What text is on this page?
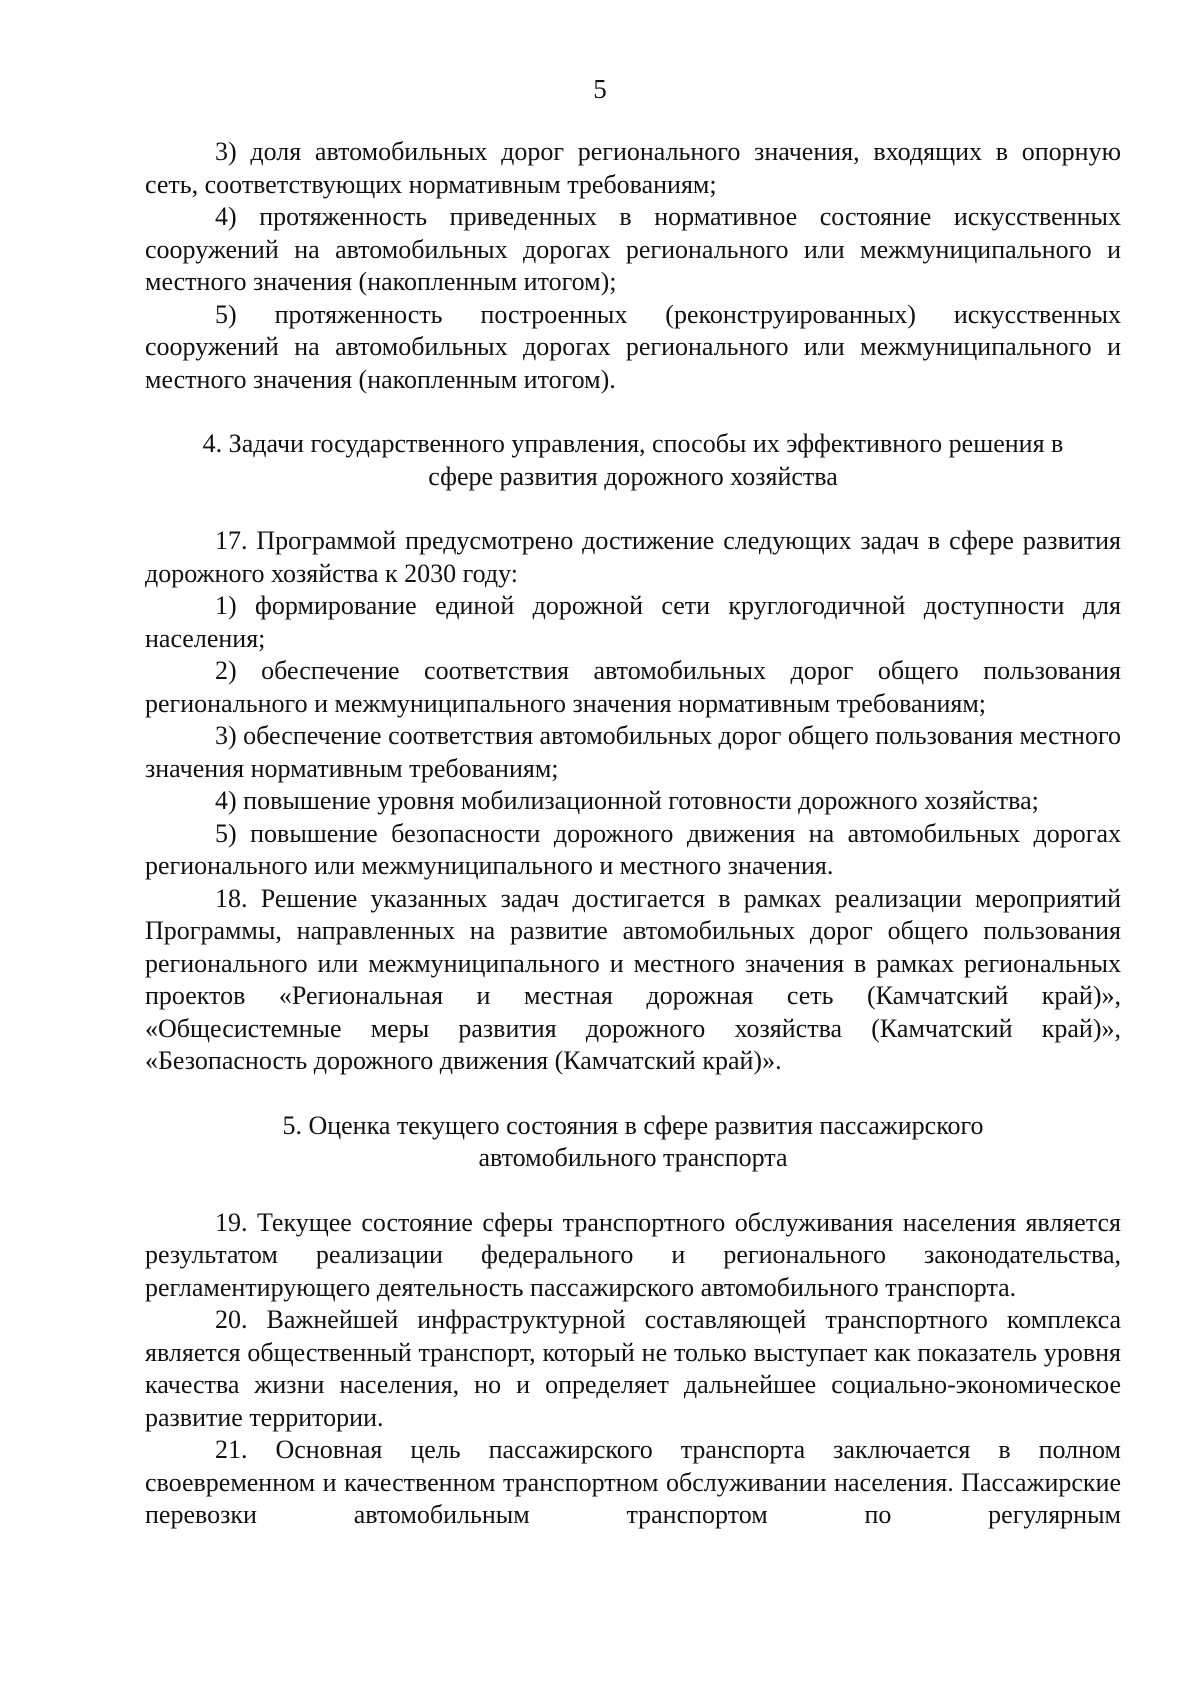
5

3) доля автомобильных дорог регионального значения, входящих в опорную сеть, соответствующих нормативным требованиям;

4) протяженность приведенных в нормативное состояние искусственных сооружений на автомобильных дорогах регионального или межмуниципального и местного значения (накопленным итогом);

5) протяженность построенных (реконструированных) искусственных сооружений на автомобильных дорогах регионального или межмуниципального и местного значения (накопленным итогом).

4. Задачи государственного управления, способы их эффективного решения в
сфере развития дорожного хозяйства

17. Программой предусмотрено достижение следующих задач в сфере развития дорожного хозяйства к 2030 году:

1) формирование единой дорожной сети круглогодичной доступности для населения;

2) обеспечение соответствия автомобильных дорог общего пользования регионального и межмуниципального значения нормативным требованиям;

3) обеспечение соответствия автомобильных дорог общего пользования местного значения нормативным требованиям;

4) повышение уровня мобилизационной готовности дорожного хозяйства;

5) повышение безопасности дорожного движения на автомобильных дорогах регионального или межмуниципального и местного значения.

18. Решение указанных задач достигается в рамках реализации мероприятий Программы, направленных на развитие автомобильных дорог общего пользования регионального или межмуниципального и местного значения в рамках региональных проектов «Региональная и местная дорожная сеть (Камчатский край)», «Общесистемные меры развития дорожного хозяйства (Камчатский край)», «Безопасность дорожного движения (Камчатский край)».

5. Оценка текущего состояния в сфере развития пассажирского
автомобильного транспорта

19. Текущее состояние сферы транспортного обслуживания населения является результатом реализации федерального и регионального законодательства, регламентирующего деятельность пассажирского автомобильного транспорта.

20. Важнейшей инфраструктурной составляющей транспортного комплекса является общественный транспорт, который не только выступает как показатель уровня качества жизни населения, но и определяет дальнейшее социально-экономическое развитие территории.

21. Основная цель пассажирского транспорта заключается в полном своевременном и качественном транспортном обслуживании населения. Пассажирские перевозки автомобильным транспортом по регулярным
